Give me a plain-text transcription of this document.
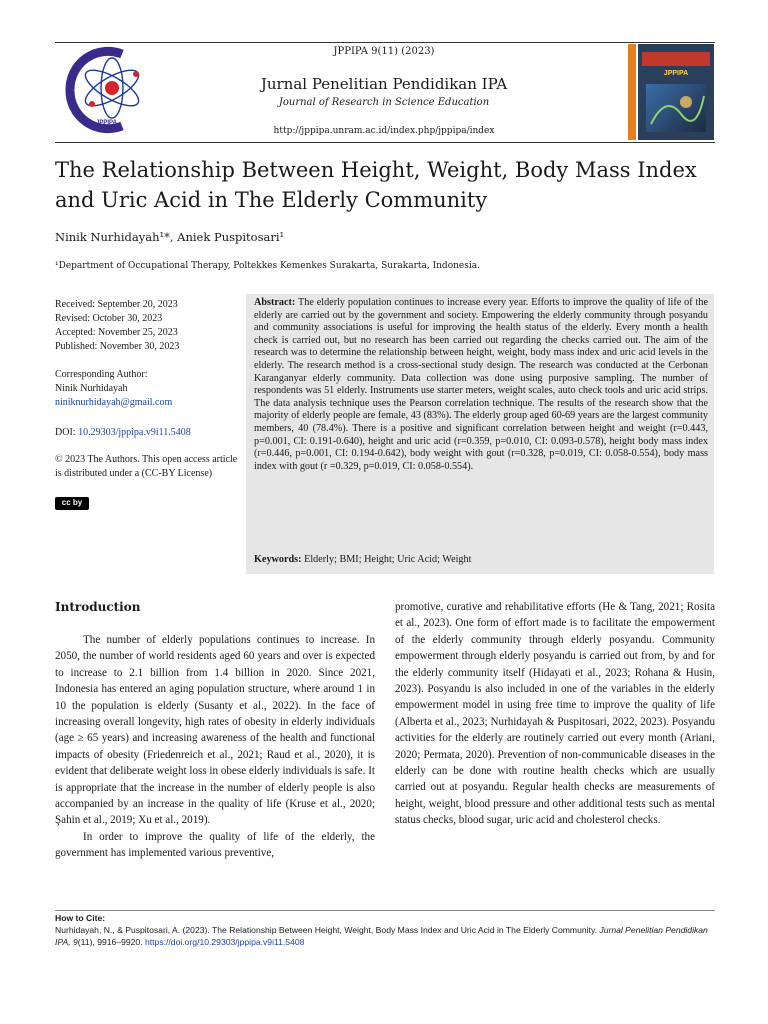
JPPIPA
JPPIPA 9(11) (2023)
Jurnal Penelitian Pendidikan IPA
Journal of Research in Science Education
http://jppipa.unram.ac.id/index.php/jppipa/index
JPPIPA
The Relationship Between Height, Weight, Body Mass Index and Uric Acid in The Elderly Community
Ninik Nurhidayah¹*, Aniek Puspitosari¹
¹Department of Occupational Therapy, Poltekkes Kemenkes Surakarta, Surakarta, Indonesia.
Received: September 20, 2023
Revised: October 30, 2023
Accepted: November 25, 2023
Published: November 30, 2023
Corresponding Author:
Ninik Nurhidayah
niniknurhidayah@gmail.com
DOI: 10.29303/jppipa.v9i11.5408
© 2023 The Authors. This open access article is distributed under a (CC-BY License)
cc by
Abstract: The elderly population continues to increase every year. Efforts to improve the quality of life of the elderly are carried out by the government and society. Empowering the elderly community through posyandu and community associations is useful for improving the health status of the elderly. Every month a health check is carried out, but no research has been carried out regarding the checks carried out. The aim of the research was to determine the relationship between height, weight, body mass index and uric acid levels in the elderly. The research method is a cross-sectional study design. The research was conducted at the Cerbonan Karanganyar elderly community. Data collection was done using purposive sampling. The number of respondents was 51 elderly. Instruments use starter meters, weight scales, auto check tools and uric acid strips. The data analysis technique uses the Pearson correlation technique. The results of the research show that the majority of elderly people are female, 43 (83%). The elderly group aged 60-69 years are the largest community members, 40 (78.4%). There is a positive and significant correlation between height and weight (r=0.443, p=0.001, CI: 0.191-0.640), height and uric acid (r=0.359, p=0.010, CI: 0.093-0.578), height body mass index (r=0.446, p=0.001, CI: 0.194-0.642), body weight with gout (r=0.328, p=0.019, CI: 0.058-0.554), body mass index with gout (r =0.329, p=0.019, CI: 0.058-0.554).
Keywords: Elderly; BMI; Height; Uric Acid; Weight
Introduction

The number of elderly populations continues to increase. In 2050, the number of world residents aged 60 years and over is expected to increase to 2.1 billion from 1.4 billion in 2020. Since 2021, Indonesia has entered an aging population structure, where around 1 in 10 the population is elderly (Susanty et al., 2022). In the face of increasing overall longevity, high rates of obesity in elderly individuals (age ≥ 65 years) and increasing awareness of the health and functional impacts of obesity (Friedenreich et al., 2021; Raud et al., 2020), it is evident that deliberate weight loss in obese elderly individuals is safe. It is appropriate that the increase in the number of elderly people is also accompanied by an increase in the quality of life (Kruse et al., 2020; Şahin et al., 2019; Xu et al., 2019).

In order to improve the quality of life of the elderly, the government has implemented various preventive,

promotive, curative and rehabilitative efforts (He & Tang, 2021; Rosita et al., 2023). One form of effort made is to facilitate the empowerment of the elderly community through elderly posyandu. Community empowerment through elderly posyandu is carried out from, by and for the elderly community itself (Hidayati et al., 2023; Rohana & Husin, 2023). Posyandu is also included in one of the variables in the elderly empowerment model in using free time to improve the quality of life (Alberta et al., 2023; Nurhidayah & Puspitosari, 2022, 2023). Posyandu activities for the elderly are routinely carried out every month (Ariani, 2020; Permata, 2020). Prevention of non-communicable diseases in the elderly can be done with routine health checks which are usually carried out at posyandu. Regular health checks are measurements of height, weight, blood pressure and other additional tests such as mental status checks, blood sugar, uric acid and cholesterol checks.

How to Cite:
Nurhidayah, N., & Puspitosari, A. (2023). The Relationship Between Height, Weight, Body Mass Index and Uric Acid in The Elderly Community. Jurnal Penelitian Pendidikan IPA, 9(11), 9916–9920. https://doi.org/10.29303/jppipa.v9i11.5408
